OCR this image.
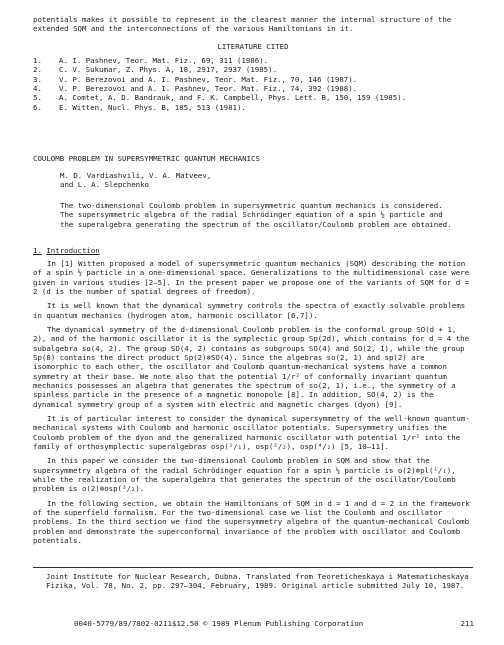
potentials makes it possible to represent in the clearest manner the internal structure of the extended SQM and the interconnections of the various Hamiltonians in it.

LITERATURE CITED
1.	A. I. Pashnev, Teor. Mat. Fiz., 69, 311 (1986).
2.	C. V. Sukumar, Z. Phys. A, 18, 2917, 2937 (1985).
3.	V. P. Berezovoi and A. I. Pashnev, Teor. Mat. Fiz., 70, 146 (1987).
4.	V. P. Berezovoi and A. I. Pashnev, Teor. Mat. Fiz., 74, 392 (1988).
5.	A. Comtet, A. D. Bandrauk, and F. K. Campbell, Phys. Lett. B, 150, 159 (1985).
6.	E. Witten, Nucl. Phys. B, 185, 513 (1981).
COULOMB PROBLEM IN SUPERSYMMETRIC QUANTUM MECHANICS

M. D. Vardiashvili, V. A. Matveev,

and L. A. Slepchenko

The two-dimensional Coulomb problem in supersymmetric quantum mechanics is considered. The supersymmetric algebra of the radial Schrödinger equation of a spin ½ particle and the superalgebra generating the spectrum of the oscillator/Coulomb problem are obtained.

1. Introduction

In [1] Witten proposed a model of supersymmetric quantum mechanics (SQM) describing the motion of a spin ½ particle in a one-dimensional space. Generalizations to the multidimensional case were given in various studies [2–5]. In the present paper we propose one of the variants of SQM for d = 2 (d is the number of spatial degrees of freedom).

It is well known that the dynamical symmetry controls the spectra of exactly solvable problems in quantum mechanics (hydrogen atom, harmonic oscillator [6,7]).

The dynamical symmetry of the d-dimensional Coulomb problem is the conformal group SO(d + 1, 2), and of the harmonic oscillator it is the symplectic group Sp(2d), which contains for d = 4 the subalgebra so(4, 2). The group SO(4, 2) contains as subgroups SO(4) and SO(2, 1), while the group Sp(8) contains the direct product Sp(2)⊗SO(4). Since the algebras so(2, 1) and sp(2) are isomorphic to each other, the oscillator and Coulomb quantum-mechanical systems have a common symmetry at their base. We note also that the potential 1/r² of conformally invariant quantum mechanics possesses an algebra that generates the spectrum of so(2, 1), i.e., the symmetry of a spinless particle in the presence of a magnetic monopole [8]. In addition, SO(4, 2) is the dynamical symmetry group of a system with electric and magnetic charges (dyon) [9].

It is of particular interest to consider the dynamical supersymmetry of the well-known quantum-mechanical systems with Coulomb and harmonic oscillator potentials. Supersymmetry unifies the Coulomb problem of the dyon and the generalized harmonic oscillator with potential 1/r² into the family of orthosymplectic superalgebras osp(¹/₁), osp(²/₂), osp(⁴/₂) [5, 10–11].

In this paper we consider the two-dimensional Coulomb problem in SQM and show that the supersymmetry algebra of the radial Schrödinger equation for a spin ½ particle is o(2)⊗pl(¹/₁), while the realization of the superalgebra that generates the spectrum of the oscillator/Coulomb problem is o(2)⊗osp(²/₂).

In the following section, we obtain the Hamiltonians of SQM in d = 1 and d = 2 in the framework of the superfield formalism. For the two-dimensional case we list the Coulomb and oscillator problems. In the third section we find the supersymmetry algebra of the quantum-mechanical Coulomb problem and demonstrate the superconformal invariance of the problem with oscillator and Coulomb potentials.

Joint Institute for Nuclear Research, Dubna. Translated from Teoreticheskaya i Matematicheskaya Fizika, Vol. 78, No. 2, pp. 297–304, February, 1989. Original article submitted July 10, 1987.

0040-5779/89/7802-0211$12.50 © 1989 Plenum Publishing Corporation	211
